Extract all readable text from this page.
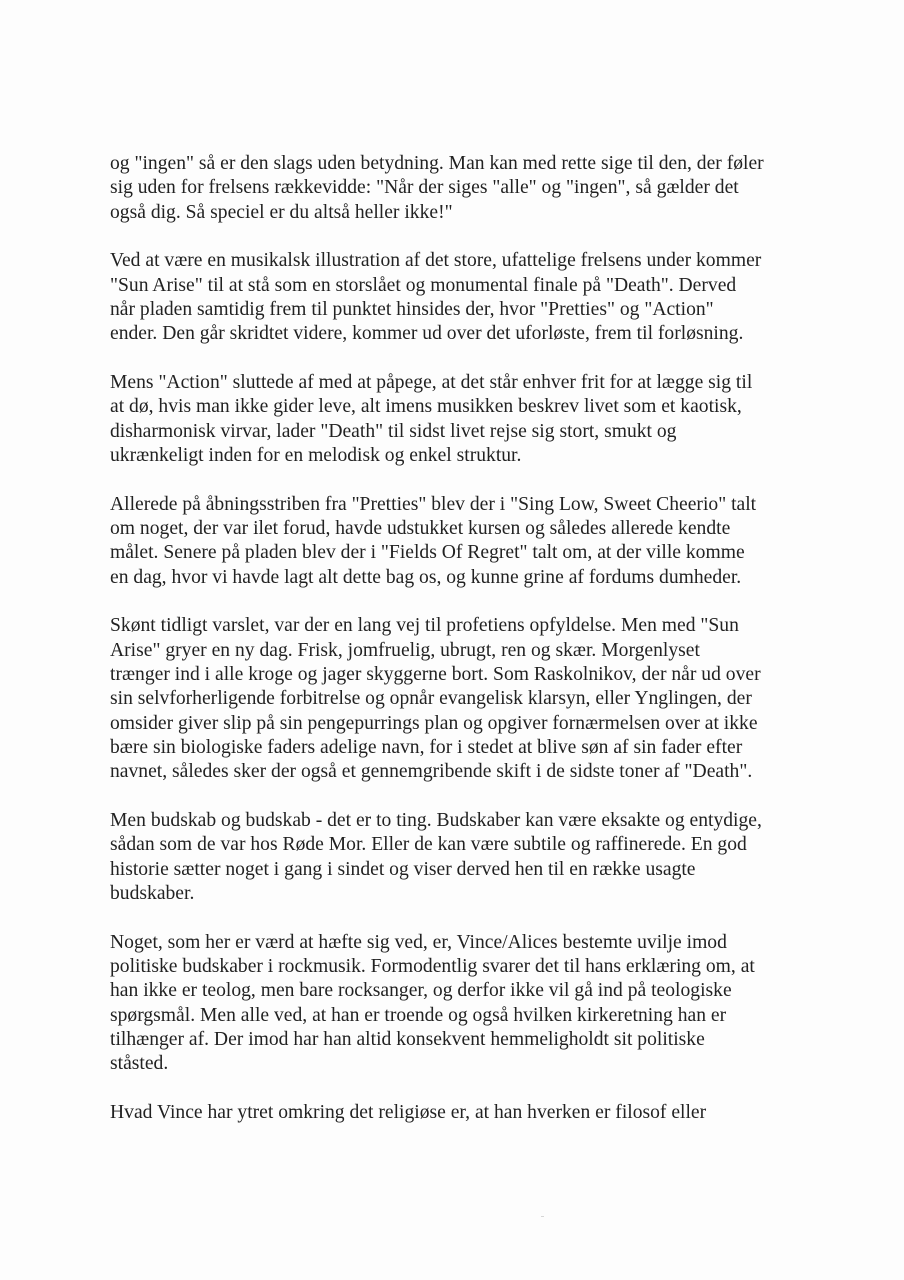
og "ingen" så er den slags uden betydning. Man kan med rette sige til den, der føler
sig uden for frelsens rækkevidde: "Når der siges "alle" og "ingen", så gælder det
også dig. Så speciel er du altså heller ikke!"

Ved at være en musikalsk illustration af det store, ufattelige frelsens under kommer
"Sun Arise" til at stå som en storslået og monumental finale på "Death". Derved
når pladen samtidig frem til punktet hinsides der, hvor "Pretties" og "Action"
ender. Den går skridtet videre, kommer ud over det uforløste, frem til forløsning.

Mens "Action" sluttede af med at påpege, at det står enhver frit for at lægge sig til
at dø, hvis man ikke gider leve, alt imens musikken beskrev livet som et kaotisk,
disharmonisk virvar, lader "Death" til sidst livet rejse sig stort, smukt og
ukrænkeligt inden for en melodisk og enkel struktur.

Allerede på åbningsstriben fra "Pretties" blev der i "Sing Low, Sweet Cheerio" talt
om noget, der var ilet forud, havde udstukket kursen og således allerede kendte
målet. Senere på pladen blev der i "Fields Of Regret" talt om, at der ville komme
en dag, hvor vi havde lagt alt dette bag os, og kunne grine af fordums dumheder.

Skønt tidligt varslet, var der en lang vej til profetiens opfyldelse. Men med "Sun
Arise" gryer en ny dag. Frisk, jomfruelig, ubrugt, ren og skær. Morgenlyset
trænger ind i alle kroge og jager skyggerne bort. Som Raskolnikov, der når ud over
sin selvforherligende forbitrelse og opnår evangelisk klarsyn, eller Ynglingen, der
omsider giver slip på sin pengepurrings plan og opgiver fornærmelsen over at ikke
bære sin biologiske faders adelige navn, for i stedet at blive søn af sin fader efter
navnet, således sker der også et gennemgribende skift i de sidste toner af "Death".

Men budskab og budskab - det er to ting. Budskaber kan være eksakte og entydige,
sådan som de var hos Røde Mor. Eller de kan være subtile og raffinerede. En god
historie sætter noget i gang i sindet og viser derved hen til en række usagte
budskaber.

Noget, som her er værd at hæfte sig ved, er, Vince/Alices bestemte uvilje imod
politiske budskaber i rockmusik. Formodentlig svarer det til hans erklæring om, at
han ikke er teolog, men bare rocksanger, og derfor ikke vil gå ind på teologiske
spørgsmål. Men alle ved, at han er troende og også hvilken kirkeretning han er
tilhænger af. Der imod har han altid konsekvent hemmeligholdt sit politiske
ståsted.

Hvad Vince har ytret omkring det religiøse er, at han hverken er filosof eller
